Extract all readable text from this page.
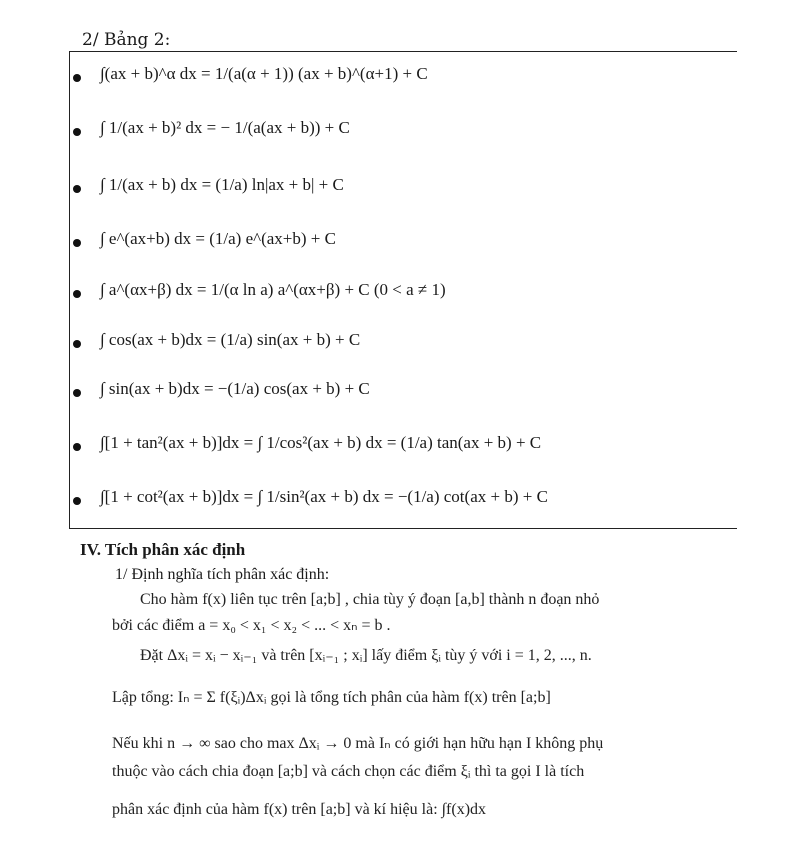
2/ Bảng 2:
∫(ax + b)^α dx = 1/(a(α + 1)) (ax + b)^(α+1) + C
∫ 1/(ax + b)² dx = − 1/(a(ax + b)) + C
∫ 1/(ax + b) dx = (1/a) ln|ax + b| + C
∫ e^(ax+b) dx = (1/a) e^(ax+b) + C
∫ a^(αx+β) dx = 1/(α ln a) a^(αx+β) + C (0 < a ≠ 1)
∫ cos(ax + b)dx = (1/a) sin(ax + b) + C
∫ sin(ax + b)dx = −(1/a) cos(ax + b) + C
∫[1 + tan²(ax + b)]dx = ∫ 1/cos²(ax + b) dx = (1/a) tan(ax + b) + C
∫[1 + cot²(ax + b)]dx = ∫ 1/sin²(ax + b) dx = −(1/a) cot(ax + b) + C
IV. Tích phân xác định
1/ Định nghĩa tích phân xác định:
Cho hàm f(x) liên tục trên [a;b] , chia tùy ý đoạn [a,b] thành n đoạn nhỏ
bởi các điểm a = x₀ < x₁ < x₂ < ... < xₙ = b .
Đặt Δxᵢ = xᵢ − xᵢ₋₁ và trên [xᵢ₋₁ ; xᵢ] lấy điểm ξᵢ tùy ý với i = 1, 2, ..., n.
Lập tổng: Iₙ = Σ f(ξᵢ)Δxᵢ gọi là tổng tích phân của hàm f(x) trên [a;b]
Nếu khi n → ∞ sao cho max Δxᵢ → 0 mà Iₙ có giới hạn hữu hạn I không phụ
thuộc vào cách chia đoạn [a;b] và cách chọn các điểm ξᵢ thì ta gọi I là tích
phân xác định của hàm f(x) trên [a;b] và kí hiệu là: ∫f(x)dx
